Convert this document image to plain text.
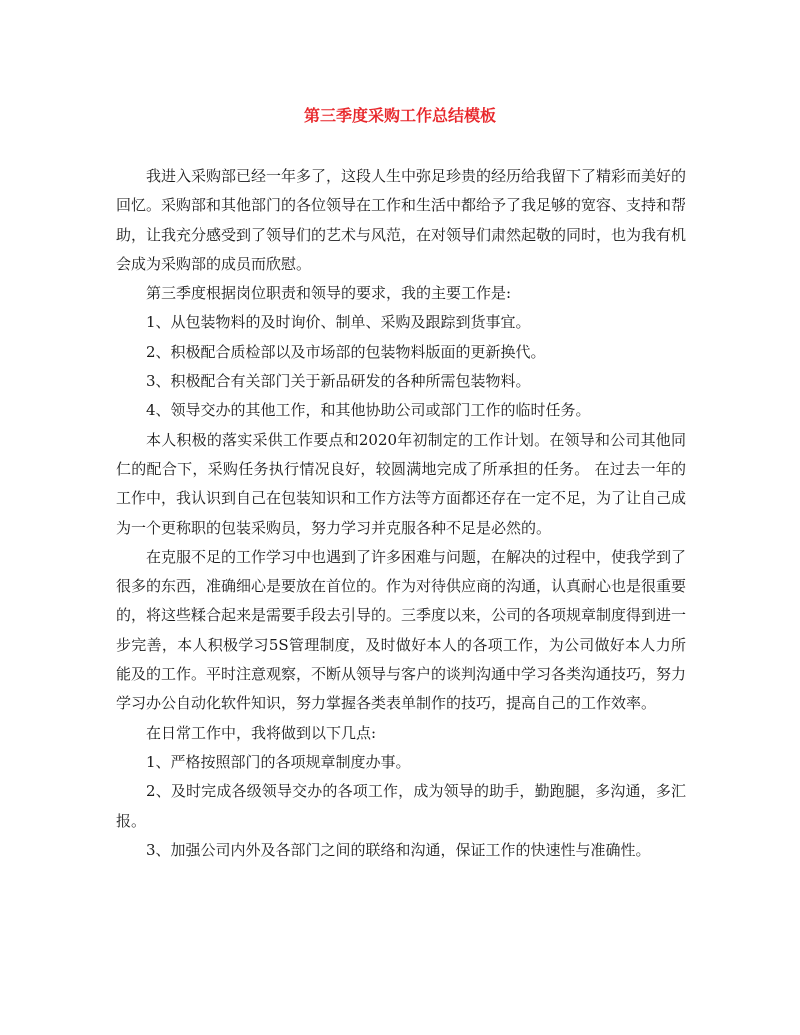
第三季度采购工作总结模板

我进入采购部已经一年多了，这段人生中弥足珍贵的经历给我留下了精彩而美好的回忆。采购部和其他部门的各位领导在工作和生活中都给予了我足够的宽容、支持和帮助，让我充分感受到了领导们的艺术与风范，在对领导们肃然起敬的同时，也为我有机会成为采购部的成员而欣慰。

第三季度根据岗位职责和领导的要求，我的主要工作是:

1、从包装物料的及时询价、制单、采购及跟踪到货事宜。

2、积极配合质检部以及市场部的包装物料版面的更新换代。

3、积极配合有关部门关于新品研发的各种所需包装物料。

4、领导交办的其他工作，和其他协助公司或部门工作的临时任务。

本人积极的落实采供工作要点和2020年初制定的工作计划。在领导和公司其他同仁的配合下，采购任务执行情况良好，较圆满地完成了所承担的任务。 在过去一年的工作中，我认识到自己在包装知识和工作方法等方面都还存在一定不足，为了让自己成为一个更称职的包装采购员，努力学习并克服各种不足是必然的。

在克服不足的工作学习中也遇到了许多困难与问题，在解决的过程中，使我学到了很多的东西，准确细心是要放在首位的。作为对待供应商的沟通，认真耐心也是很重要的，将这些糅合起来是需要手段去引导的。三季度以来，公司的各项规章制度得到进一步完善，本人积极学习5S管理制度，及时做好本人的各项工作，为公司做好本人力所能及的工作。平时注意观察，不断从领导与客户的谈判沟通中学习各类沟通技巧，努力学习办公自动化软件知识，努力掌握各类表单制作的技巧，提高自己的工作效率。

在日常工作中，我将做到以下几点:

1、严格按照部门的各项规章制度办事。

2、及时完成各级领导交办的各项工作，成为领导的助手，勤跑腿，多沟通，多汇报。

3、加强公司内外及各部门之间的联络和沟通，保证工作的快速性与准确性。
